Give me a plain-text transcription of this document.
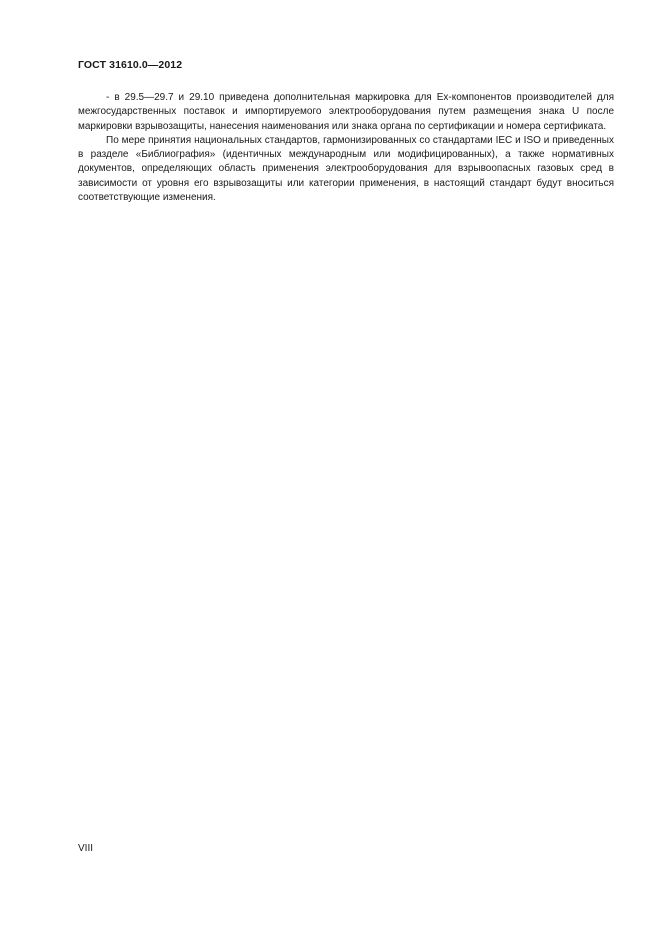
ГОСТ 31610.0—2012

- в 29.5—29.7 и 29.10 приведена дополнительная маркировка для Ex-компонентов производителей для межгосударственных поставок и импортируемого электрооборудования путем размещения знака U после маркировки взрывозащиты, нанесения наименования или знака органа по сертификации и номера сертификата.

По мере принятия национальных стандартов, гармонизированных со стандартами IEC и ISO и приведенных в разделе «Библиография» (идентичных международным или модифицированных), а также нормативных документов, определяющих область применения электрооборудования для взрывоопасных газовых сред в зависимости от уровня его взрывозащиты или категории применения, в настоящий стандарт будут вноситься соответствующие изменения.

VIII
